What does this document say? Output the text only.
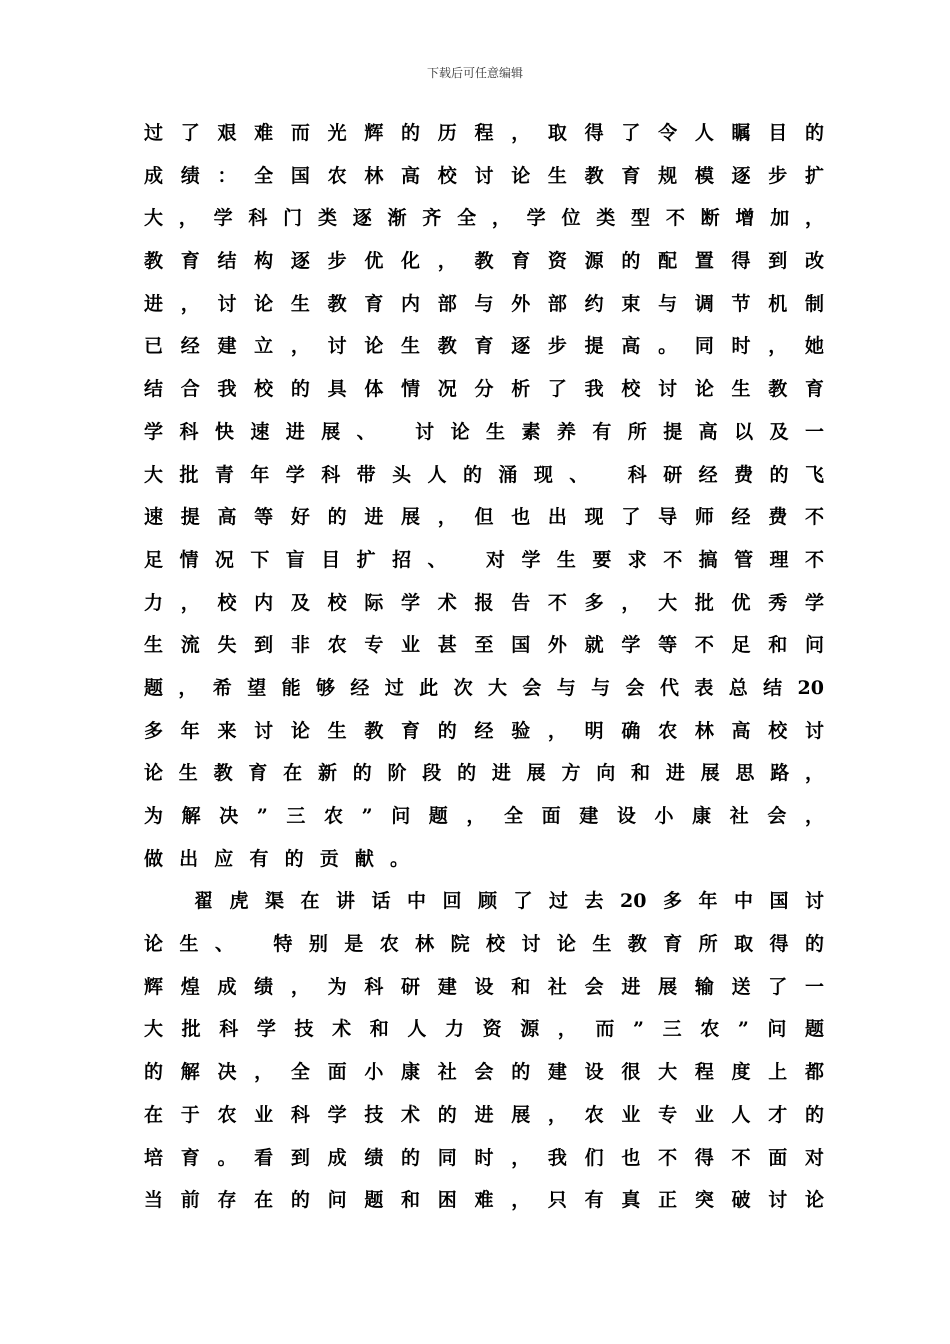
下载后可任意编辑
过了艰难而光辉的历程，取得了令人瞩目的
成绩：全国农林高校讨论生教育规模逐步扩
大，学科门类逐渐齐全，学位类型不断增加，
教育结构逐步优化，教育资源的配置得到改
进，讨论生教育内部与外部约束与调节机制
已经建立，讨论生教育逐步提高。同时，她
结合我校的具体情况分析了我校讨论生教育
学科快速进展、 讨论生素养有所提高以及一
大批青年学科带头人的涌现、 科研经费的飞
速提高等好的进展，但也出现了导师经费不
足情况下盲目扩招、 对学生要求不搞管理不
力，校内及校际学术报告不多，大批优秀学
生流失到非农专业甚至国外就学等不足和问
题，希望能够经过此次大会与与会代表总结20
多年来讨论生教育的经验，明确农林高校讨
论生教育在新的阶段的进展方向和进展思路，
为解决”三农”问题，全面建设小康社会，
做出应有的贡献。
翟虎渠在讲话中回顾了过去20多年中国讨
论生、 特别是农林院校讨论生教育所取得的
辉煌成绩，为科研建设和社会进展输送了一
大批科学技术和人力资源，而”三农”问题
的解决，全面小康社会的建设很大程度上都
在于农业科学技术的进展，农业专业人才的
培育。看到成绩的同时，我们也不得不面对
当前存在的问题和困难，只有真正突破讨论
